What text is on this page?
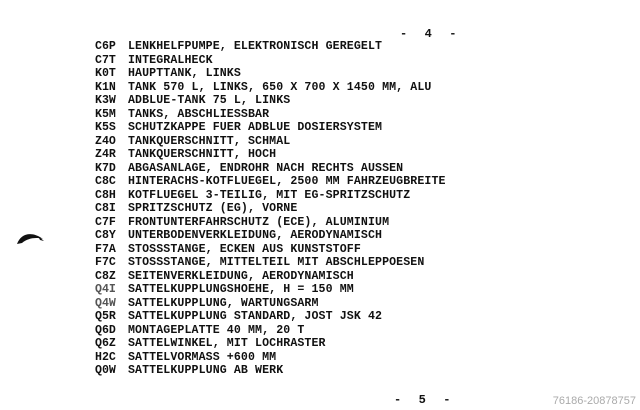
-  4  -
C6P LENKHELFPUMPE, ELEKTRONISCH GEREGELT
C7T INTEGRALHECK
K0T HAUPTTANK, LINKS
K1N TANK 570 L, LINKS, 650 X 700 X 1450 MM, ALU
K3W ADBLUE-TANK 75 L, LINKS
K5M TANKS, ABSCHLIESSBAR
K5S SCHUTZKAPPE FUER ADBLUE DOSIERSYSTEM
Z4O TANKQUERSCHNITT, SCHMAL
Z4R TANKQUERSCHNITT, HOCH
K7D ABGASANLAGE, ENDROHR NACH RECHTS AUSSEN
C8C HINTERACHS-KOTFLUEGEL, 2500 MM FAHRZEUGBREITE
C8H KOTFLUEGEL 3-TEILIG, MIT EG-SPRITZSCHUTZ
C8I SPRITZSCHUTZ (EG), VORNE
C7F FRONTUNTERFAHRSCHUTZ (ECE), ALUMINIUM
C8Y UNTERBODENVERKLEIDUNG, AERODYNAMISCH
F7A STOSSSTANGE, ECKEN AUS KUNSTSTOFF
F7C STOSSSTANGE, MITTELTEIL MIT ABSCHLEPPOESEN
C8Z SEITENVERKLEIDUNG, AERODYNAMISCH
Q4I SATTELKUPPLUNGSHOEHE, H = 150 MM
Q4W SATTELKUPPLUNG, WARTUNGSARM
Q5R SATTELKUPPLUNG STANDARD, JOST JSK 42
Q6D MONTAGEPLATTE 40 MM, 20 T
Q6Z SATTELWINKEL, MIT LOCHRASTER
H2C SATTELVORMASS +600 MM
Q0W SATTELKUPPLUNG AB WERK
-  5  -	76186-20878757
